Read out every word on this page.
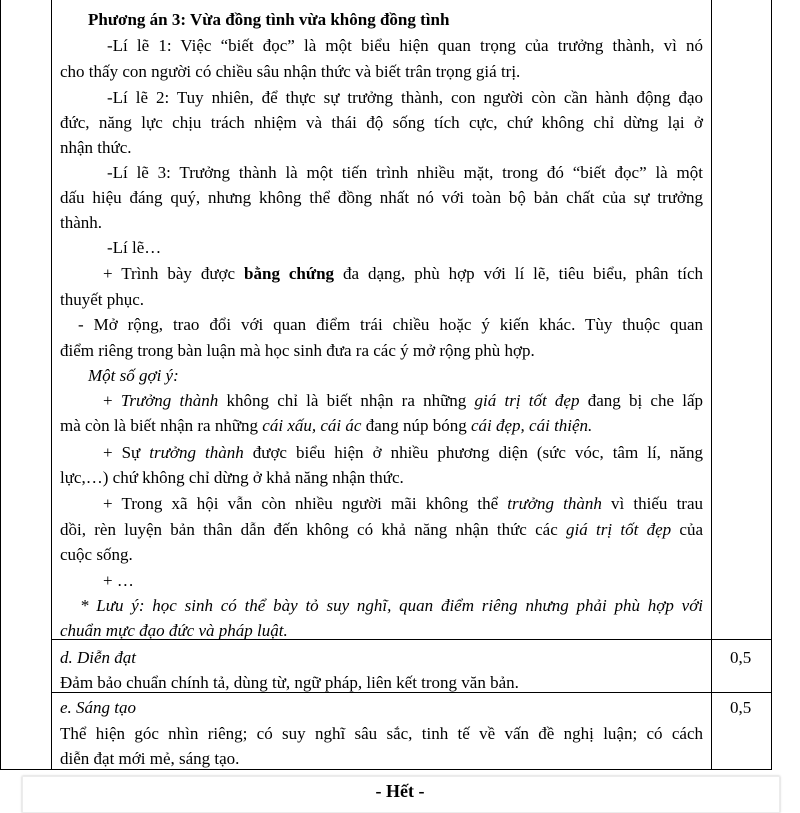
Phương án 3: Vừa đồng tình vừa không đồng tình
-Lí lẽ 1: Việc “biết đọc” là một biểu hiện quan trọng của trưởng thành, vì nó
cho thấy con người có chiều sâu nhận thức và biết trân trọng giá trị.
-Lí lẽ 2: Tuy nhiên, để thực sự trưởng thành, con người còn cần hành động đạo
đức, năng lực chịu trách nhiệm và thái độ sống tích cực, chứ không chỉ dừng lại ở
nhận thức.
-Lí lẽ 3: Trưởng thành là một tiến trình nhiều mặt, trong đó “biết đọc” là một
dấu hiệu đáng quý, nhưng không thể đồng nhất nó với toàn bộ bản chất của sự trưởng
thành.
-Lí lẽ…
+ Trình bày được bằng chứng đa dạng, phù hợp với lí lẽ, tiêu biểu, phân tích
thuyết phục.
- Mở rộng, trao đổi với quan điểm trái chiều hoặc ý kiến khác. Tùy thuộc quan
điểm riêng trong bàn luận mà học sinh đưa ra các ý mở rộng phù hợp.
Một số gợi ý:
+ Trưởng thành không chỉ là biết nhận ra những giá trị tốt đẹp đang bị che lấp
mà còn là biết nhận ra những cái xấu, cái ác đang núp bóng cái đẹp, cái thiện.
+ Sự trưởng thành được biểu hiện ở nhiều phương diện (sức vóc, tâm lí, năng
lực,…) chứ không chỉ dừng ở khả năng nhận thức.
+ Trong xã hội vẫn còn nhiều người mãi không thể trưởng thành vì thiếu trau
dồi, rèn luyện bản thân dẫn đến không có khả năng nhận thức các giá trị tốt đẹp của
cuộc sống.
+ …
* Lưu ý: học sinh có thể bày tỏ suy nghĩ, quan điểm riêng nhưng phải phù hợp với
chuẩn mực đạo đức và pháp luật.
d. Diễn đạt	0,5
Đảm bảo chuẩn chính tả, dùng từ, ngữ pháp, liên kết trong văn bản.
e. Sáng tạo	0,5
Thể hiện góc nhìn riêng; có suy nghĩ sâu sắc, tinh tế về vấn đề nghị luận; có cách
diễn đạt mới mẻ, sáng tạo.
- Hết -
